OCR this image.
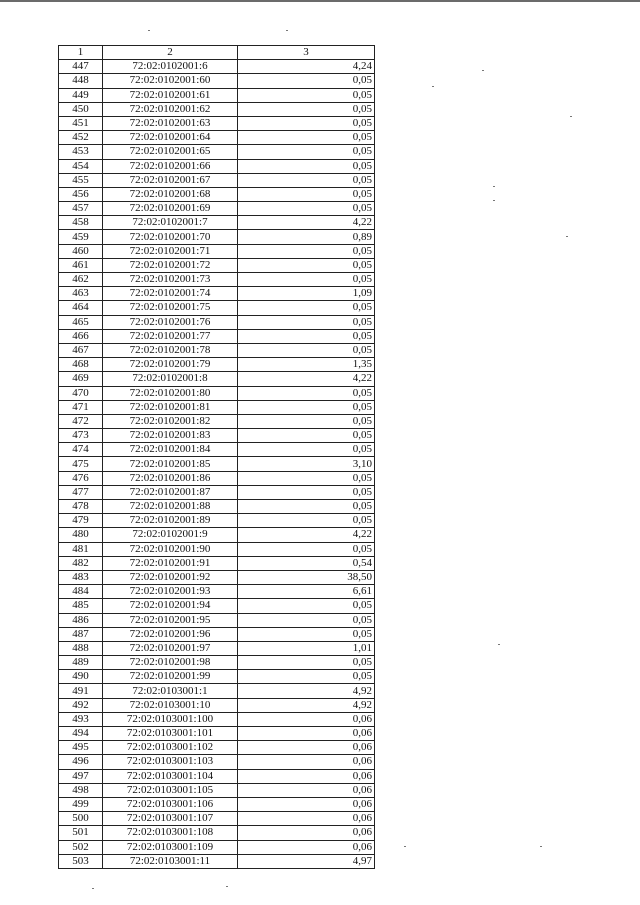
1	2	3
447	72:02:0102001:6	4,24
448	72:02:0102001:60	0,05
449	72:02:0102001:61	0,05
450	72:02:0102001:62	0,05
451	72:02:0102001:63	0,05
452	72:02:0102001:64	0,05
453	72:02:0102001:65	0,05
454	72:02:0102001:66	0,05
455	72:02:0102001:67	0,05
456	72:02:0102001:68	0,05
457	72:02:0102001:69	0,05
458	72:02:0102001:7	4,22
459	72:02:0102001:70	0,89
460	72:02:0102001:71	0,05
461	72:02:0102001:72	0,05
462	72:02:0102001:73	0,05
463	72:02:0102001:74	1,09
464	72:02:0102001:75	0,05
465	72:02:0102001:76	0,05
466	72:02:0102001:77	0,05
467	72:02:0102001:78	0,05
468	72:02:0102001:79	1,35
469	72:02:0102001:8	4,22
470	72:02:0102001:80	0,05
471	72:02:0102001:81	0,05
472	72:02:0102001:82	0,05
473	72:02:0102001:83	0,05
474	72:02:0102001:84	0,05
475	72:02:0102001:85	3,10
476	72:02:0102001:86	0,05
477	72:02:0102001:87	0,05
478	72:02:0102001:88	0,05
479	72:02:0102001:89	0,05
480	72:02:0102001:9	4,22
481	72:02:0102001:90	0,05
482	72:02:0102001:91	0,54
483	72:02:0102001:92	38,50
484	72:02:0102001:93	6,61
485	72:02:0102001:94	0,05
486	72:02:0102001:95	0,05
487	72:02:0102001:96	0,05
488	72:02:0102001:97	1,01
489	72:02:0102001:98	0,05
490	72:02:0102001:99	0,05
491	72:02:0103001:1	4,92
492	72:02:0103001:10	4,92
493	72:02:0103001:100	0,06
494	72:02:0103001:101	0,06
495	72:02:0103001:102	0,06
496	72:02:0103001:103	0,06
497	72:02:0103001:104	0,06
498	72:02:0103001:105	0,06
499	72:02:0103001:106	0,06
500	72:02:0103001:107	0,06
501	72:02:0103001:108	0,06
502	72:02:0103001:109	0,06
503	72:02:0103001:11	4,97
